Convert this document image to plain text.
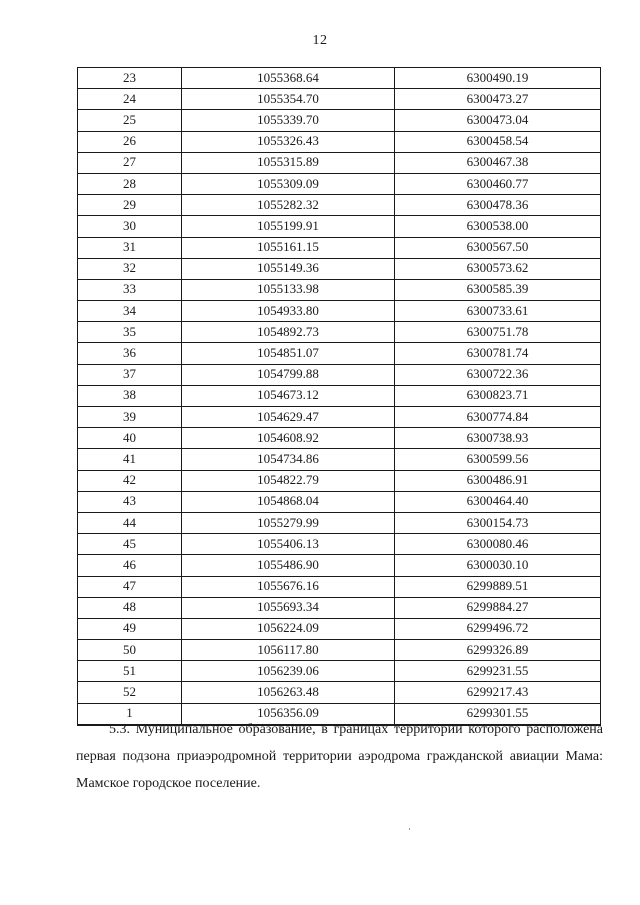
12
23	1055368.64	6300490.19
24	1055354.70	6300473.27
25	1055339.70	6300473.04
26	1055326.43	6300458.54
27	1055315.89	6300467.38
28	1055309.09	6300460.77
29	1055282.32	6300478.36
30	1055199.91	6300538.00
31	1055161.15	6300567.50
32	1055149.36	6300573.62
33	1055133.98	6300585.39
34	1054933.80	6300733.61
35	1054892.73	6300751.78
36	1054851.07	6300781.74
37	1054799.88	6300722.36
38	1054673.12	6300823.71
39	1054629.47	6300774.84
40	1054608.92	6300738.93
41	1054734.86	6300599.56
42	1054822.79	6300486.91
43	1054868.04	6300464.40
44	1055279.99	6300154.73
45	1055406.13	6300080.46
46	1055486.90	6300030.10
47	1055676.16	6299889.51
48	1055693.34	6299884.27
49	1056224.09	6299496.72
50	1056117.80	6299326.89
51	1056239.06	6299231.55
52	1056263.48	6299217.43
1	1056356.09	6299301.55

5.3. Муниципальное образование, в границах территории которого расположена
первая подзона приаэродромной территории аэродрома гражданской авиации Мама:
Мамское городское поселение.
